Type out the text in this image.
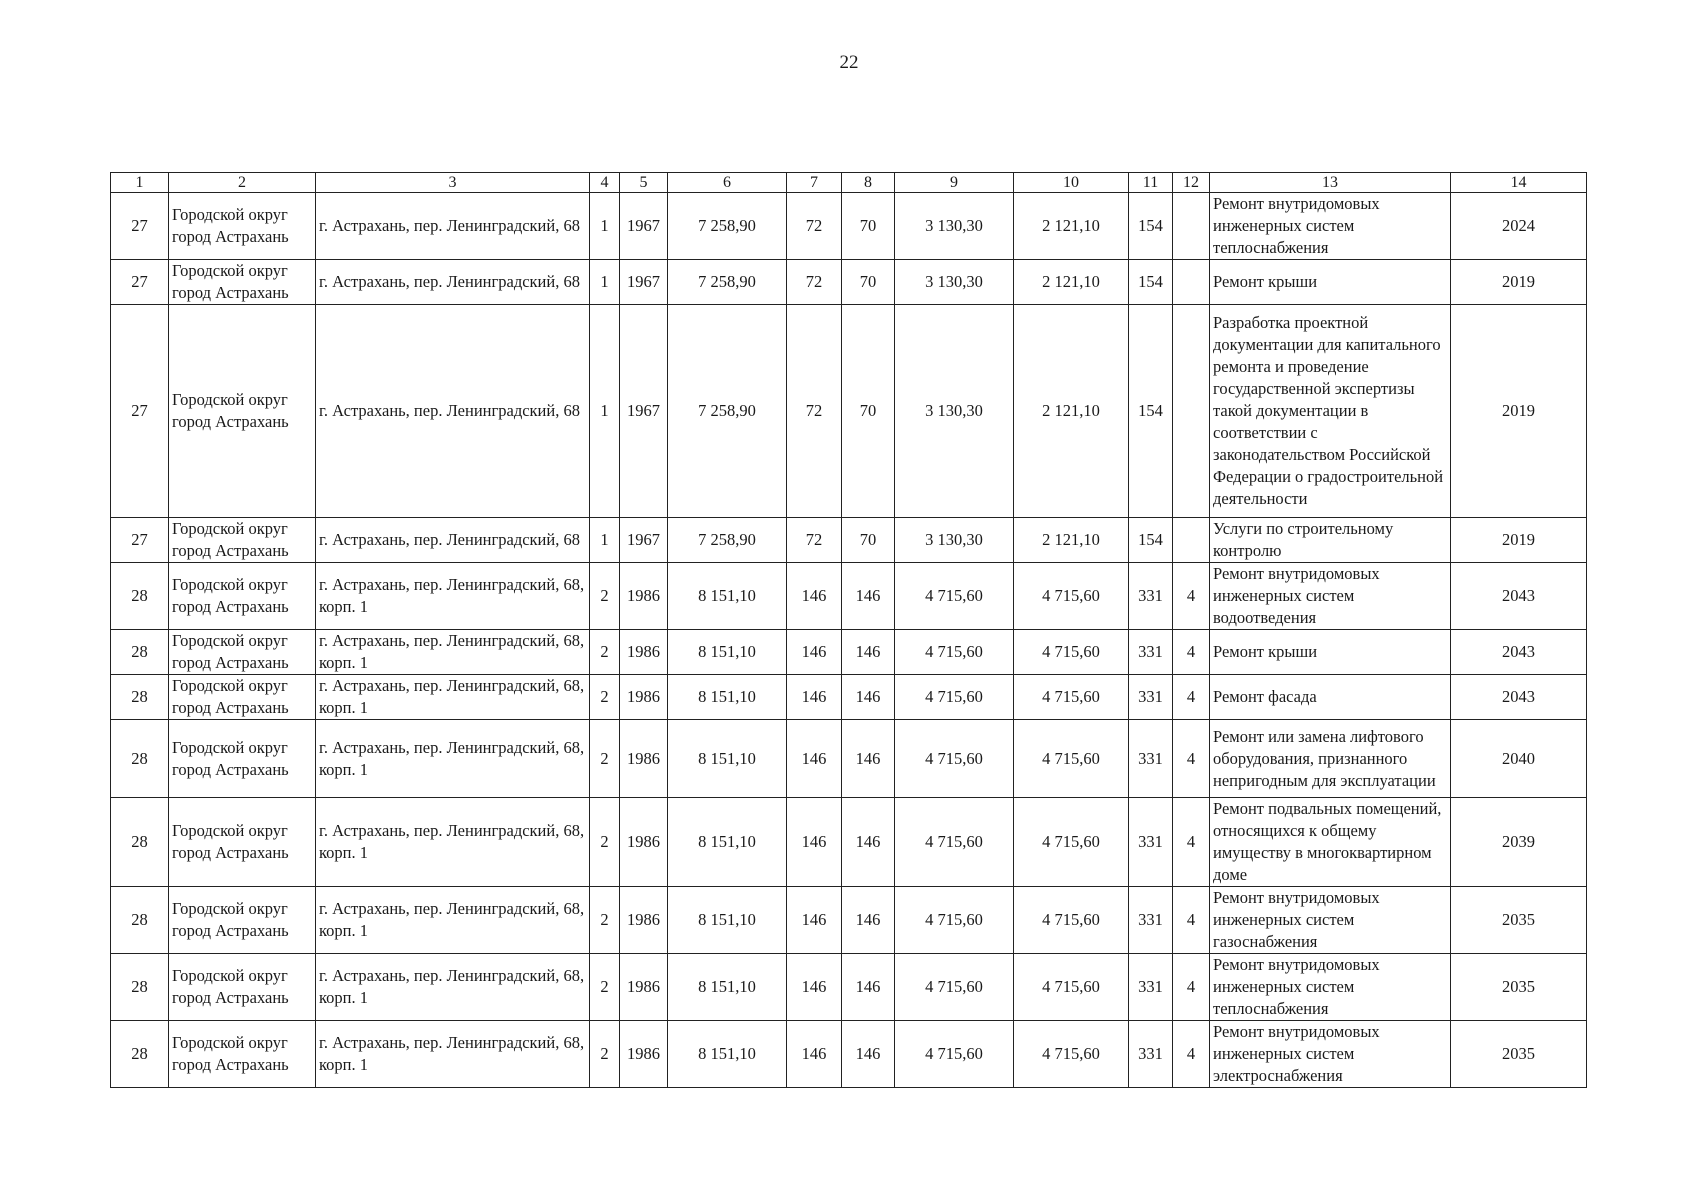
22
1	2	3	4	5	6	7	8	9	10	11	12	13	14
27	Городской округ город Астрахань	г. Астрахань, пер. Ленинградский, 68	1	1967	7 258,90	72	70	3 130,30	2 121,10	154		Ремонт внутридомовых инженерных систем теплоснабжения	2024
27	Городской округ город Астрахань	г. Астрахань, пер. Ленинградский, 68	1	1967	7 258,90	72	70	3 130,30	2 121,10	154		Ремонт крыши	2019
27	Городской округ город Астрахань	г. Астрахань, пер. Ленинградский, 68	1	1967	7 258,90	72	70	3 130,30	2 121,10	154		Разработка проектной документации для капитального ремонта и проведение государственной экспертизы такой документации в соответствии с законодательством Российской Федерации о градостроительной деятельности	2019
27	Городской округ город Астрахань	г. Астрахань, пер. Ленинградский, 68	1	1967	7 258,90	72	70	3 130,30	2 121,10	154		Услуги по строительному контролю	2019
28	Городской округ город Астрахань	г. Астрахань, пер. Ленинградский, 68, корп. 1	2	1986	8 151,10	146	146	4 715,60	4 715,60	331	4	Ремонт внутридомовых инженерных систем водоотведения	2043
28	Городской округ город Астрахань	г. Астрахань, пер. Ленинградский, 68, корп. 1	2	1986	8 151,10	146	146	4 715,60	4 715,60	331	4	Ремонт крыши	2043
28	Городской округ город Астрахань	г. Астрахань, пер. Ленинградский, 68, корп. 1	2	1986	8 151,10	146	146	4 715,60	4 715,60	331	4	Ремонт фасада	2043
28	Городской округ город Астрахань	г. Астрахань, пер. Ленинградский, 68, корп. 1	2	1986	8 151,10	146	146	4 715,60	4 715,60	331	4	Ремонт или замена лифтового оборудования, признанного непригодным для эксплуатации	2040
28	Городской округ город Астрахань	г. Астрахань, пер. Ленинградский, 68, корп. 1	2	1986	8 151,10	146	146	4 715,60	4 715,60	331	4	Ремонт подвальных помещений, относящихся к общему имуществу в многоквартирном доме	2039
28	Городской округ город Астрахань	г. Астрахань, пер. Ленинградский, 68, корп. 1	2	1986	8 151,10	146	146	4 715,60	4 715,60	331	4	Ремонт внутридомовых инженерных систем газоснабжения	2035
28	Городской округ город Астрахань	г. Астрахань, пер. Ленинградский, 68, корп. 1	2	1986	8 151,10	146	146	4 715,60	4 715,60	331	4	Ремонт внутридомовых инженерных систем теплоснабжения	2035
28	Городской округ город Астрахань	г. Астрахань, пер. Ленинградский, 68, корп. 1	2	1986	8 151,10	146	146	4 715,60	4 715,60	331	4	Ремонт внутридомовых инженерных систем электроснабжения	2035
